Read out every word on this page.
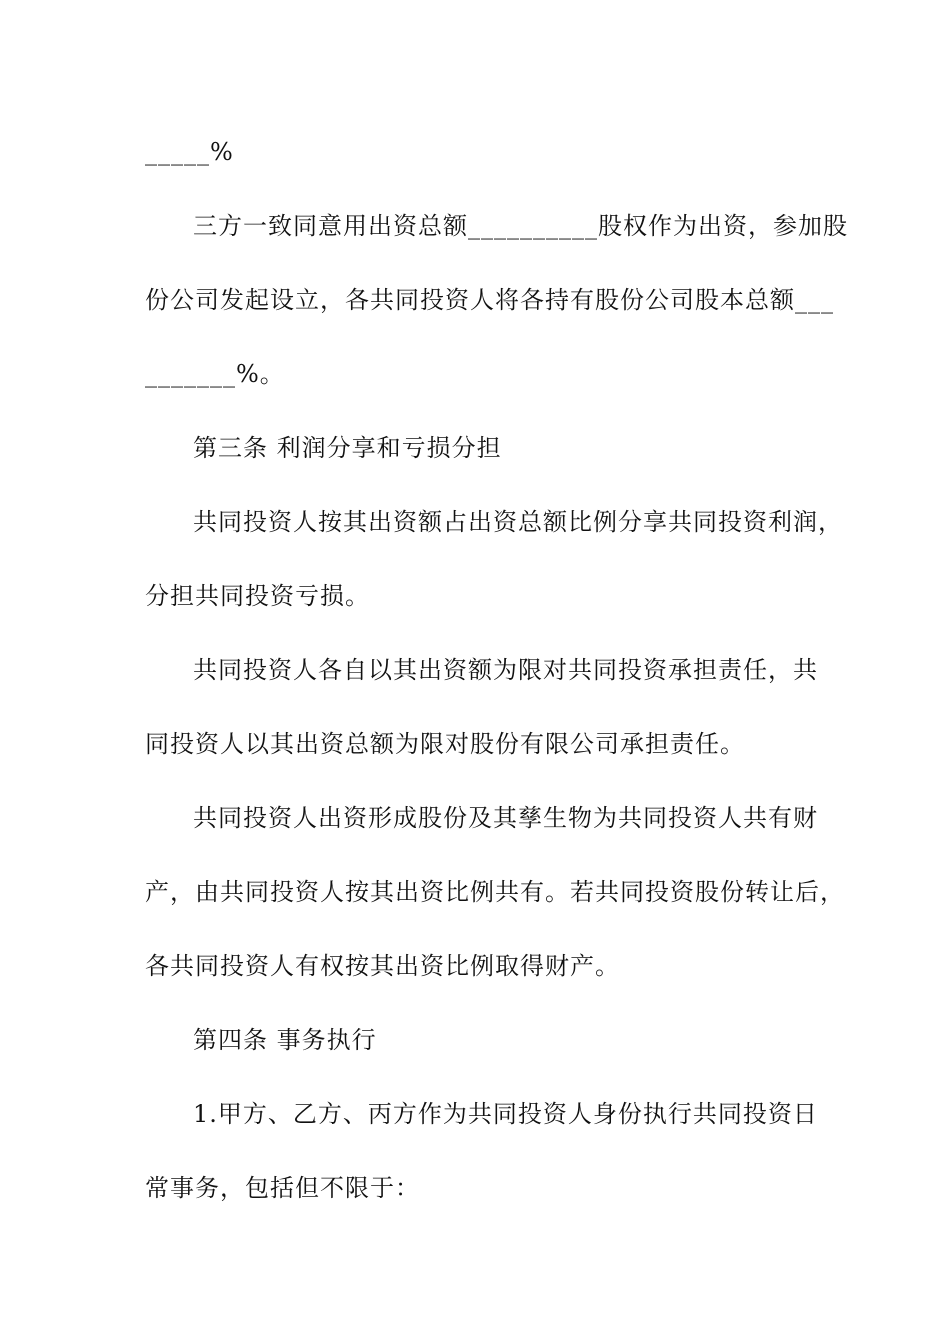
_____%
三方一致同意用出资总额__________股权作为出资，参加股
份公司发起设立，各共同投资人将各持有股份公司股本总额___
_______%。
第三条 利润分享和亏损分担
共同投资人按其出资额占出资总额比例分享共同投资利润，
分担共同投资亏损。
共同投资人各自以其出资额为限对共同投资承担责任，共
同投资人以其出资总额为限对股份有限公司承担责任。
共同投资人出资形成股份及其孳生物为共同投资人共有财
产，由共同投资人按其出资比例共有。若共同投资股份转让后，
各共同投资人有权按其出资比例取得财产。
第四条 事务执行
1.甲方、乙方、丙方作为共同投资人身份执行共同投资日
常事务，包括但不限于：
